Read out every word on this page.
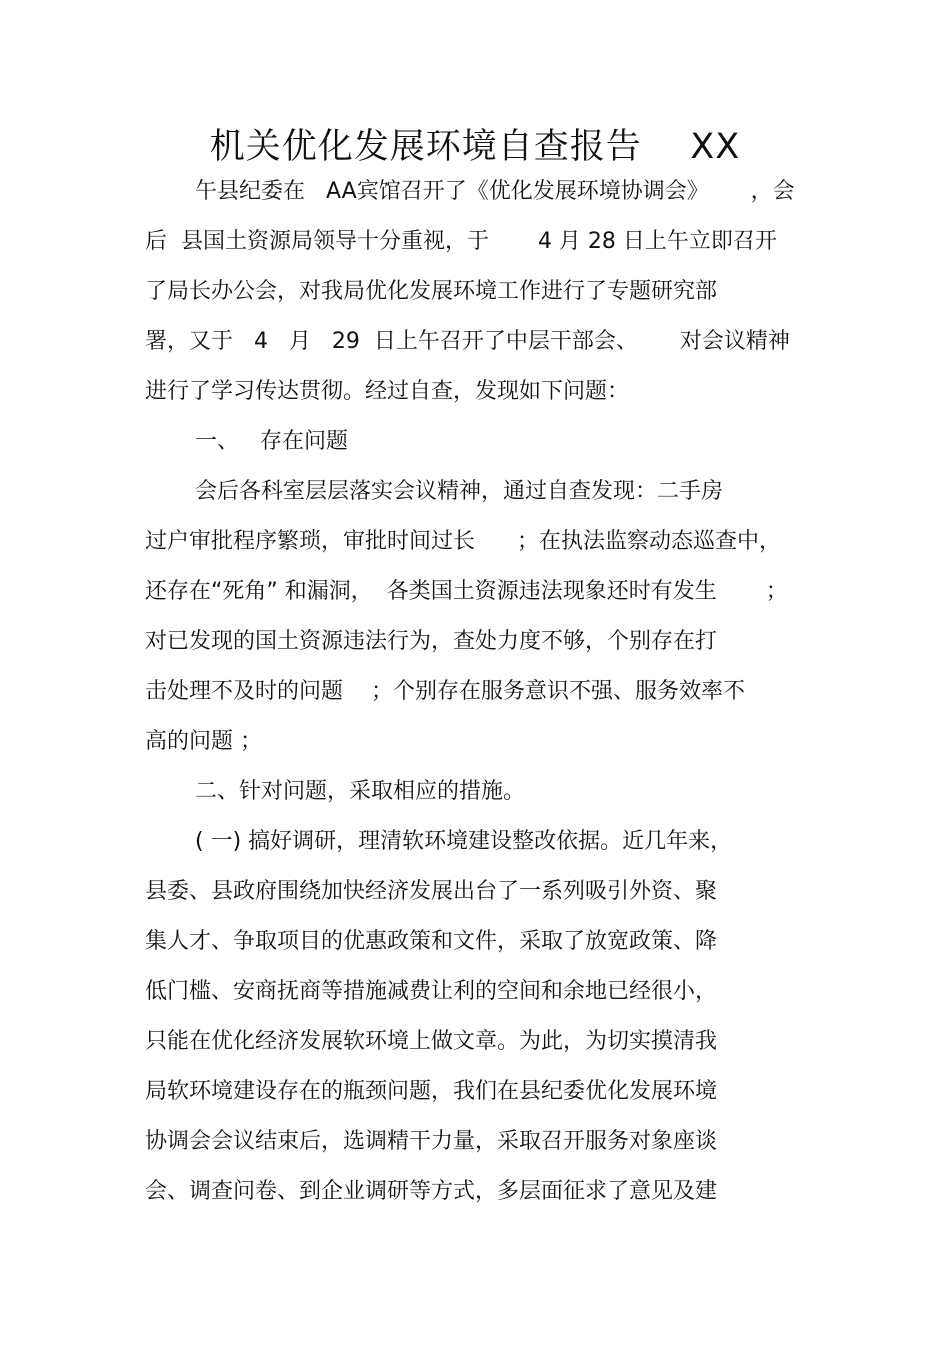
机关优化发展环境自查报告    XX
午县纪委在   AA宾馆召开了《优化发展环境协调会》      ，会
后  县国土资源局领导十分重视，于       4 月 28 日上午立即召开
了局长办公会，对我局优化发展环境工作进行了专题研究部
署，又于   4   月   29  日上午召开了中层干部会、      对会议精神
进行了学习传达贯彻。经过自查，发现如下问题：
一、   存在问题
会后各科室层层落实会议精神，通过自查发现：二手房
过户审批程序繁琐，审批时间过长      ；在执法监察动态巡查中，
还存在“死角” 和漏洞，  各类国土资源违法现象还时有发生       ；
对已发现的国土资源违法行为，查处力度不够，个别存在打
击处理不及时的问题    ；个别存在服务意识不强、服务效率不
高的问题 ；
二、针对问题，采取相应的措施。
( 一) 搞好调研，理清软环境建设整改依据。近几年来，
县委、县政府围绕加快经济发展出台了一系列吸引外资、聚
集人才、争取项目的优惠政策和文件，采取了放宽政策、降
低门槛、安商抚商等措施减费让利的空间和余地已经很小，
只能在优化经济发展软环境上做文章。为此，为切实摸清我
局软环境建设存在的瓶颈问题，我们在县纪委优化发展环境
协调会会议结束后，选调精干力量，采取召开服务对象座谈
会、调查问卷、到企业调研等方式，多层面征求了意见及建
